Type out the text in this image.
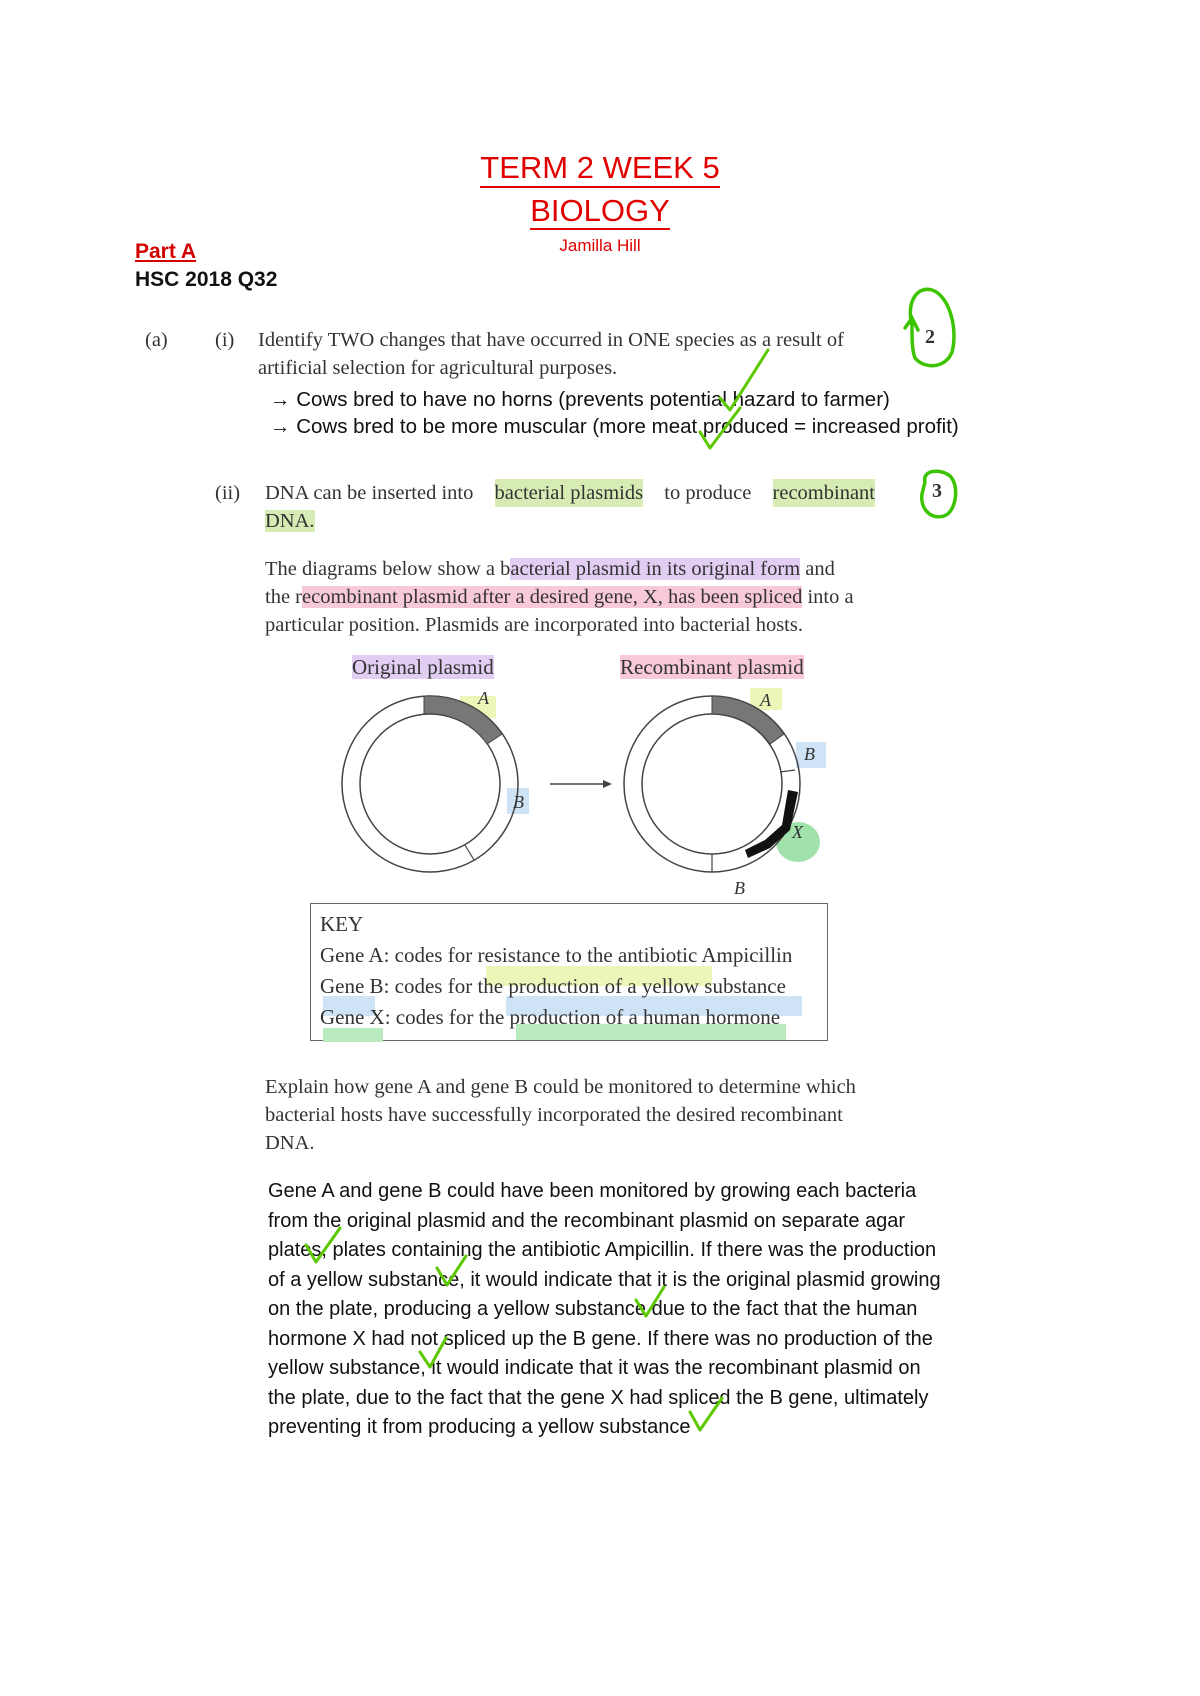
TERM 2 WEEK 5
BIOLOGY
Jamilla Hill
Part A
HSC 2018 Q32
(a) (i) Identify TWO changes that have occurred in ONE species as a result of
artificial selection for agricultural purposes.
2
→ Cows bred to have no horns (prevents potential hazard to farmer)
→ Cows bred to be more muscular (more meat produced = increased profit)
(ii) DNA can be inserted into bacterial plasmids to produce recombinant
DNA.
3
The diagrams below show a bacterial plasmid in its original form and
the recombinant plasmid after a desired gene, X, has been spliced into a
particular position. Plasmids are incorporated into bacterial hosts.
Original plasmid	Recombinant plasmid
A
B
A
B
X
B
KEY
Gene A: codes for resistance to the antibiotic Ampicillin
Gene B: codes for the production of a yellow substance
Gene X: codes for the production of a human hormone
Explain how gene A and gene B could be monitored to determine which
bacterial hosts have successfully incorporated the desired recombinant
DNA.
Gene A and gene B could have been monitored by growing each bacteria
from the original plasmid and the recombinant plasmid on separate agar
plates, plates containing the antibiotic Ampicillin. If there was the production
of a yellow substance, it would indicate that it is the original plasmid growing
on the plate, producing a yellow substance due to the fact that the human
hormone X had not spliced up the B gene. If there was no production of the
yellow substance, it would indicate that it was the recombinant plasmid on
the plate, due to the fact that the gene X had spliced the B gene, ultimately
preventing it from producing a yellow substance
